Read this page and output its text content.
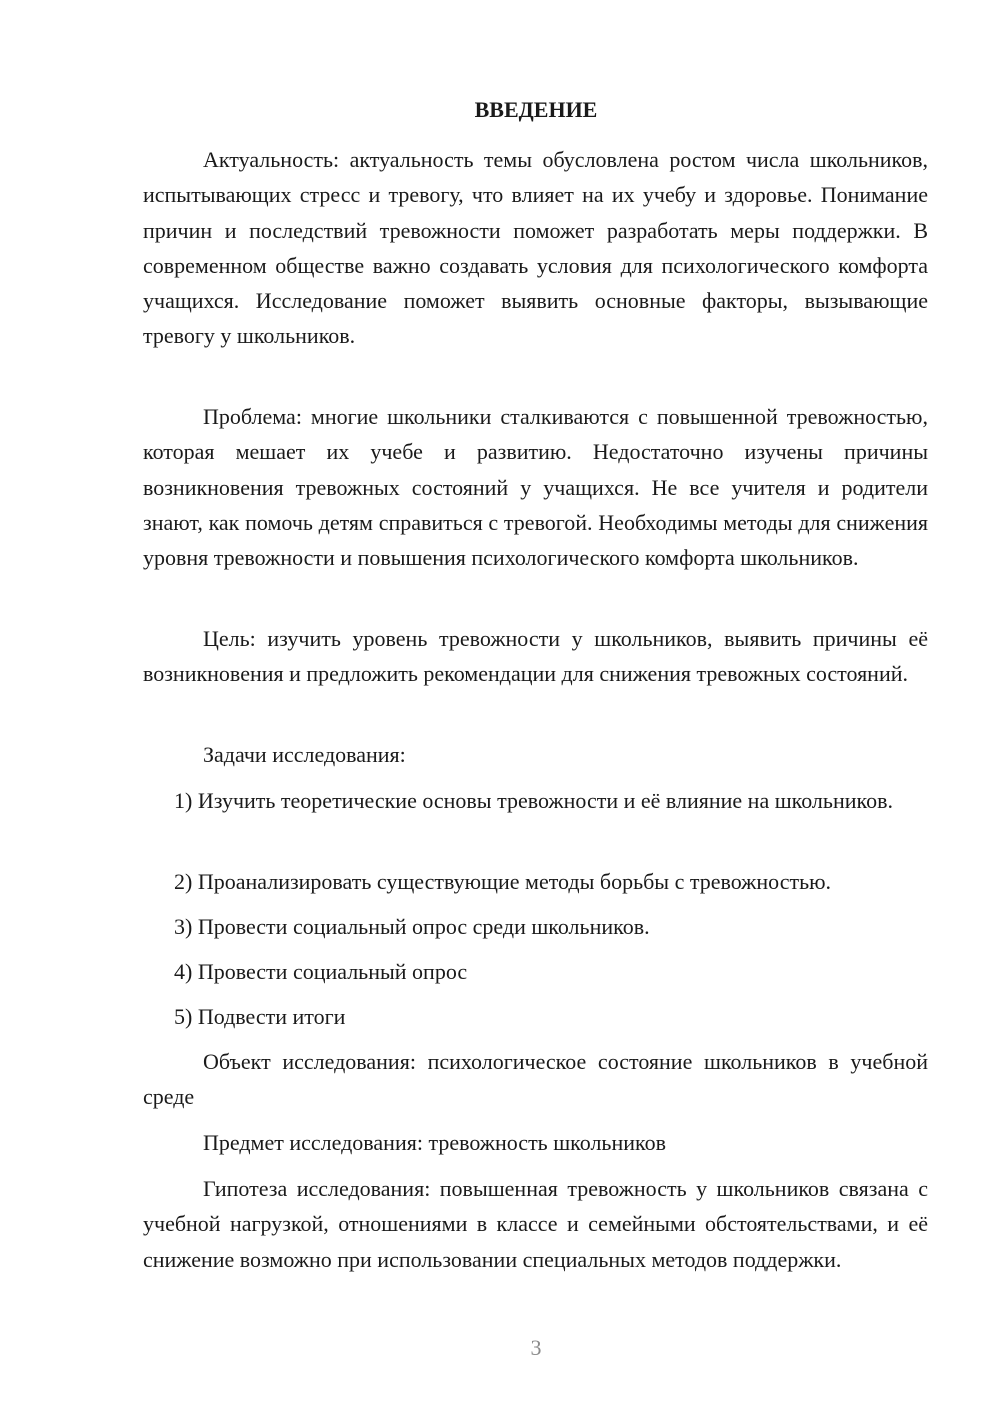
ВВЕДЕНИЕ

Актуальность: актуальность темы обусловлена ростом числа школьников, испытывающих стресс и тревогу, что влияет на их учебу и здоровье. Понимание причин и последствий тревожности поможет разработать меры поддержки. В современном обществе важно создавать условия для психологического комфорта учащихся. Исследование поможет выявить основные факторы, вызывающие тревогу у школьников.

Проблема: многие школьники сталкиваются с повышенной тревожностью, которая мешает их учебе и развитию. Недостаточно изучены причины возникновения тревожных состояний у учащихся. Не все учителя и родители знают, как помочь детям справиться с тревогой. Необходимы методы для снижения уровня тревожности и повышения психологического комфорта школьников.

Цель: изучить уровень тревожности у школьников, выявить причины её возникновения и предложить рекомендации для снижения тревожных состояний.

Задачи исследования:

1) Изучить теоретические основы тревожности и её влияние на школьников.

2) Проанализировать существующие методы борьбы с тревожностью.

3) Провести социальный опрос среди школьников.

4) Провести социальный опрос

5) Подвести итоги

Объект исследования: психологическое состояние школьников в учебной среде

Предмет исследования: тревожность школьников

Гипотеза исследования: повышенная тревожность у школьников связана с учебной нагрузкой, отношениями в классе и семейными обстоятельствами, и её снижение возможно при использовании специальных методов поддержки.

3
